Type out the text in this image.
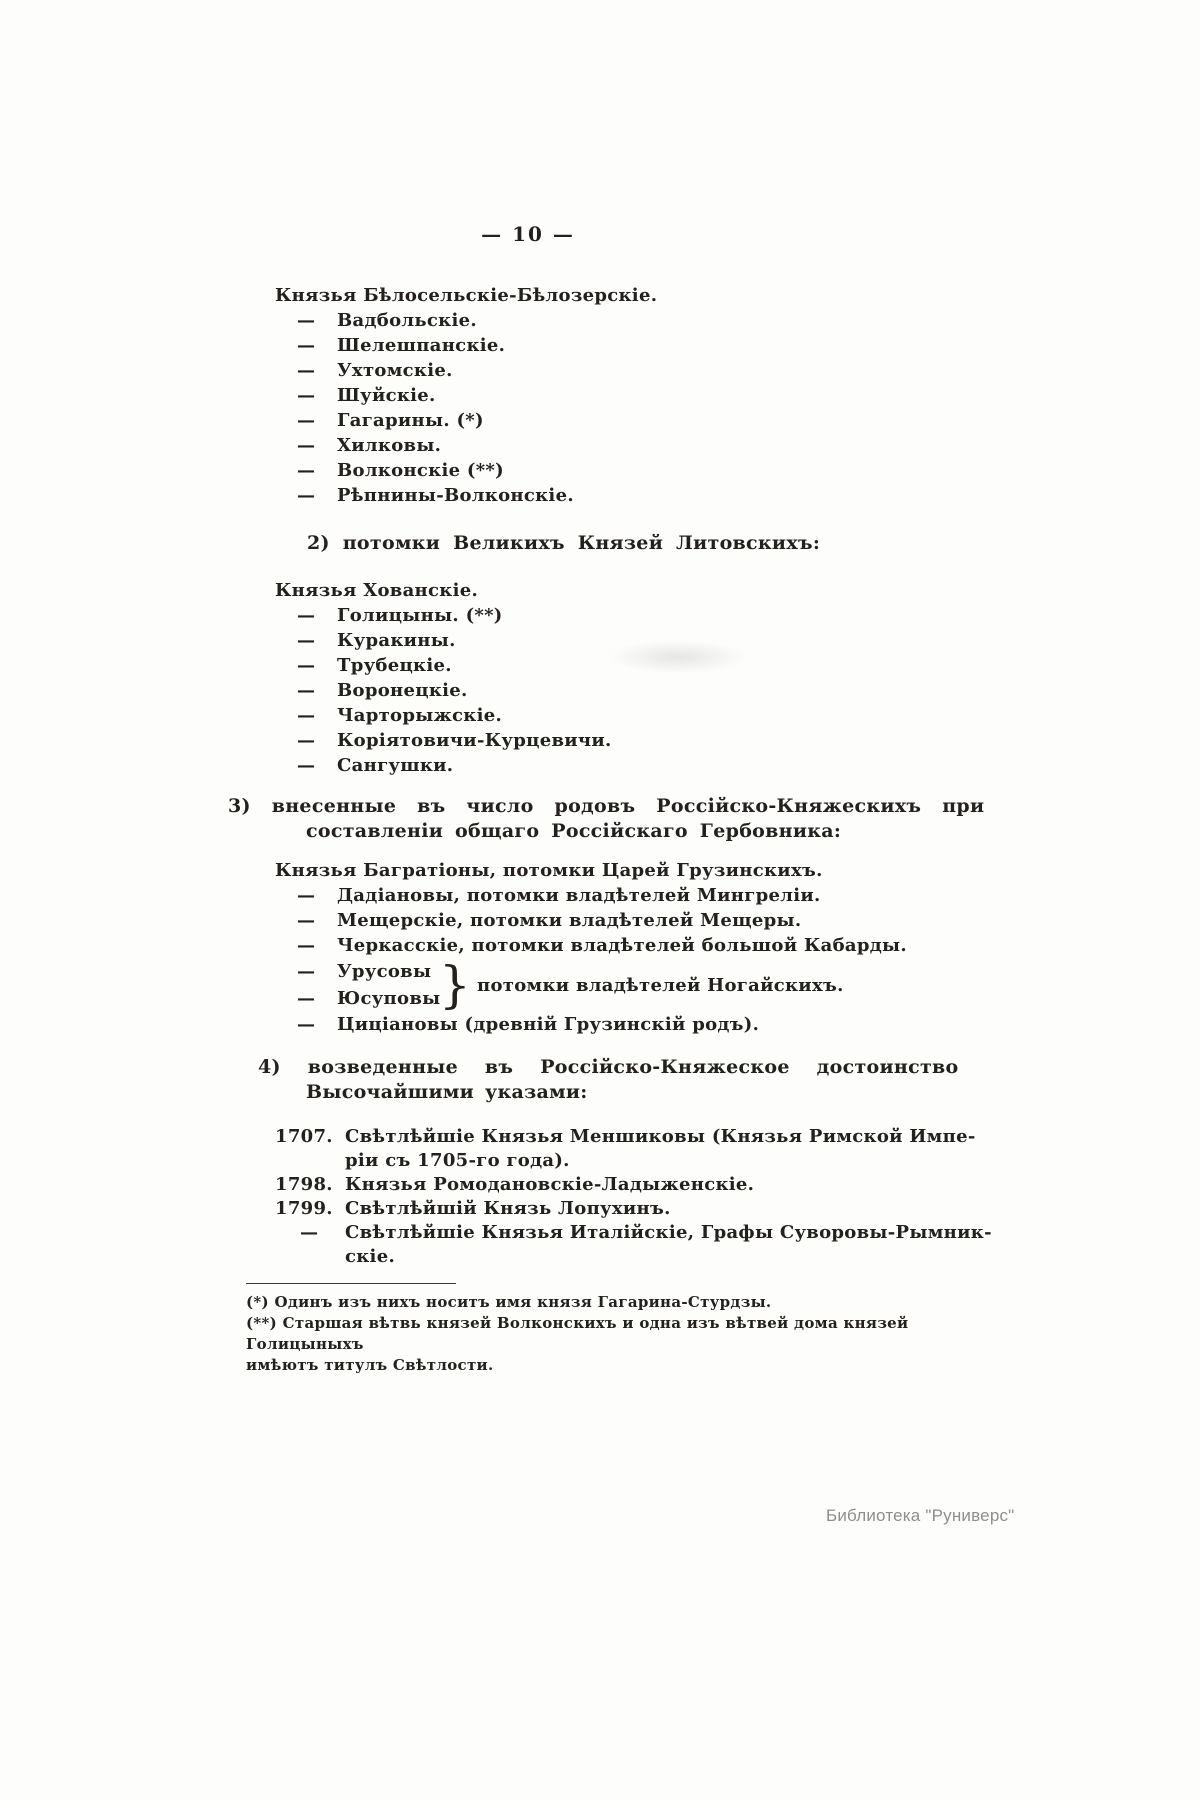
— 10 —
Князья Бѣлосельскіе-Бѣлозерскіе.
—	Вадбольскіе.
—	Шелешпанскіе.
—	Ухтомскіе.
—	Шуйскіе.
—	Гагарины. (*)
—	Хилковы.
—	Волконскіе (**)
—	Рѣпнины-Волконскіе.
2) потомки Великихъ Князей Литовскихъ:
Князья Хованскіе.
—	Голицыны. (**)
—	Куракины.
—	Трубецкіе.
—	Воронецкіе.
—	Чарторыжскіе.
—	Коріятовичи-Курцевичи.
—	Сангушки.
3) внесенные въ число родовъ Россійско-Княжескихъ при
составленіи общаго Россійскаго Гербовника:
Князья Багратіоны, потомки Царей Грузинскихъ.
—	Дадіановы, потомки владѣтелей Мингреліи.
—	Мещерскіе, потомки владѣтелей Мещеры.
—	Черкасскіе, потомки владѣтелей большой Кабарды.
—	Урусовы
—	Юсуповы
} потомки владѣтелей Ногайскихъ.
—	Циціановы (древній Грузинскій родъ).
4) возведенные въ Россійско-Княжеское достоинство
Высочайшими указами:
1707. Свѣтлѣйшіе Князья Меншиковы (Князья Римской Импе-
ріи съ 1705-го года).
1798. Князья Ромодановскіе-Ладыженскіе.
1799. Свѣтлѣйшій Князь Лопухинъ.
—	Свѣтлѣйшіе Князья Италійскіе, Графы Суворовы-Рымник-
скіе.
(*) Одинъ изъ нихъ носитъ имя князя Гагарина-Стурдзы.
(**) Старшая вѣтвь князей Волконскихъ и одна изъ вѣтвей дома князей Голицыныхъ
имѣютъ титулъ Свѣтлости.
Библиотека "Руниверс"
